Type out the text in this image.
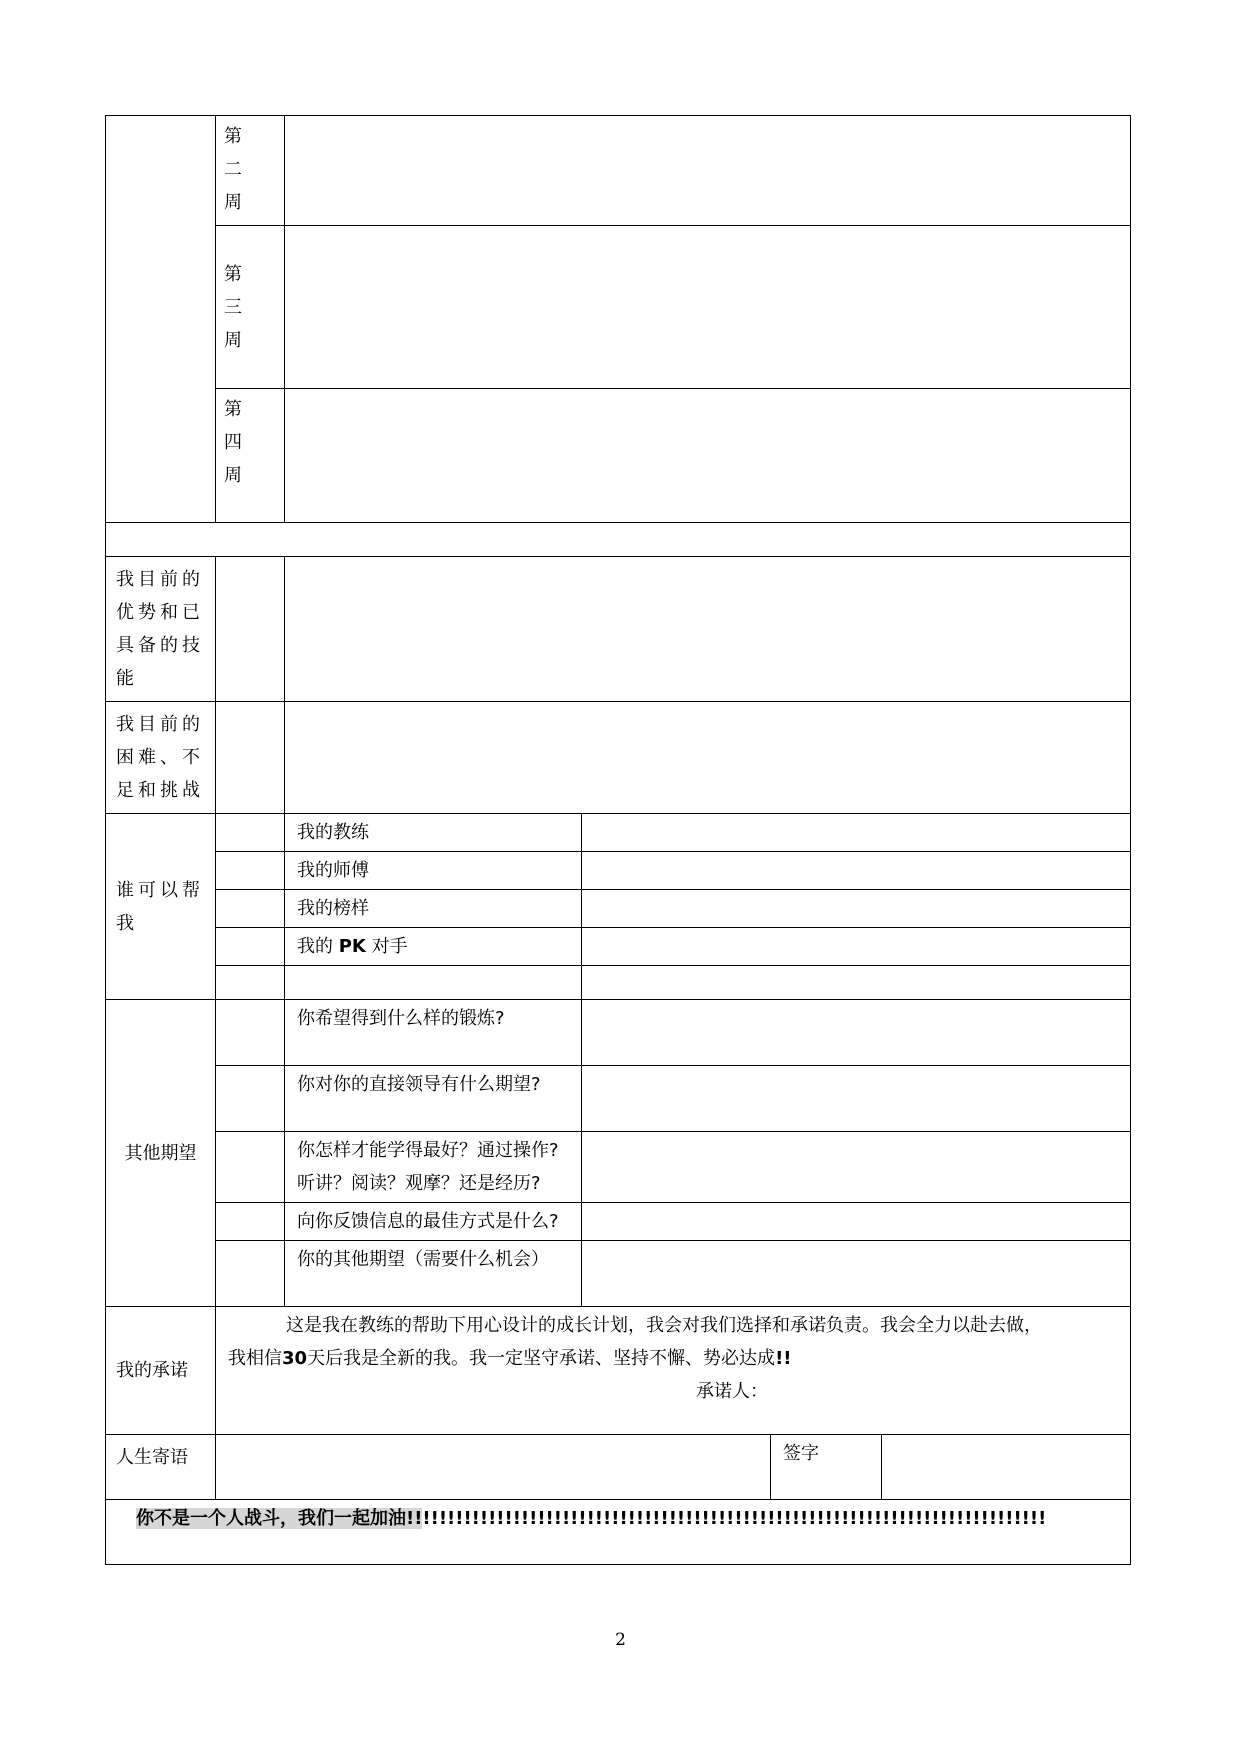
	第 二 周				
	第 三 周				
	第 四 周				

我目前的优势和已具备的技能					
我目前的困难、不足和挑战					
谁可以帮我		我的教练			
		我的师傅			
		我的榜样			
		我的 PK 对手			

其他期望		你希望得到什么样的锻炼?			
		你对你的直接领导有什么期望?			
		你怎样才能学得最好？通过操作?听讲？阅读？观摩？还是经历?			
		向你反馈信息的最佳方式是什么?			
		你的其他期望（需要什么机会）			
我的承诺	这是我在教练的帮助下用心设计的成长计划，我会对我们选择和承诺负责。我会全力以赴去做，
我相信30天后我是全新的我。我一定坚守承诺、坚持不懈、势必达成!!
承诺人：				

人生寄语				签字	
你不是一个人战斗，我们一起加油!!!!!!!!!!!!!!!!!!!!!!!!!!!!!!!!!!!!!!!!!!!!!!!!!!!!!!!!!!!!!!!!!!!!!!!!!!!!!!					
2
